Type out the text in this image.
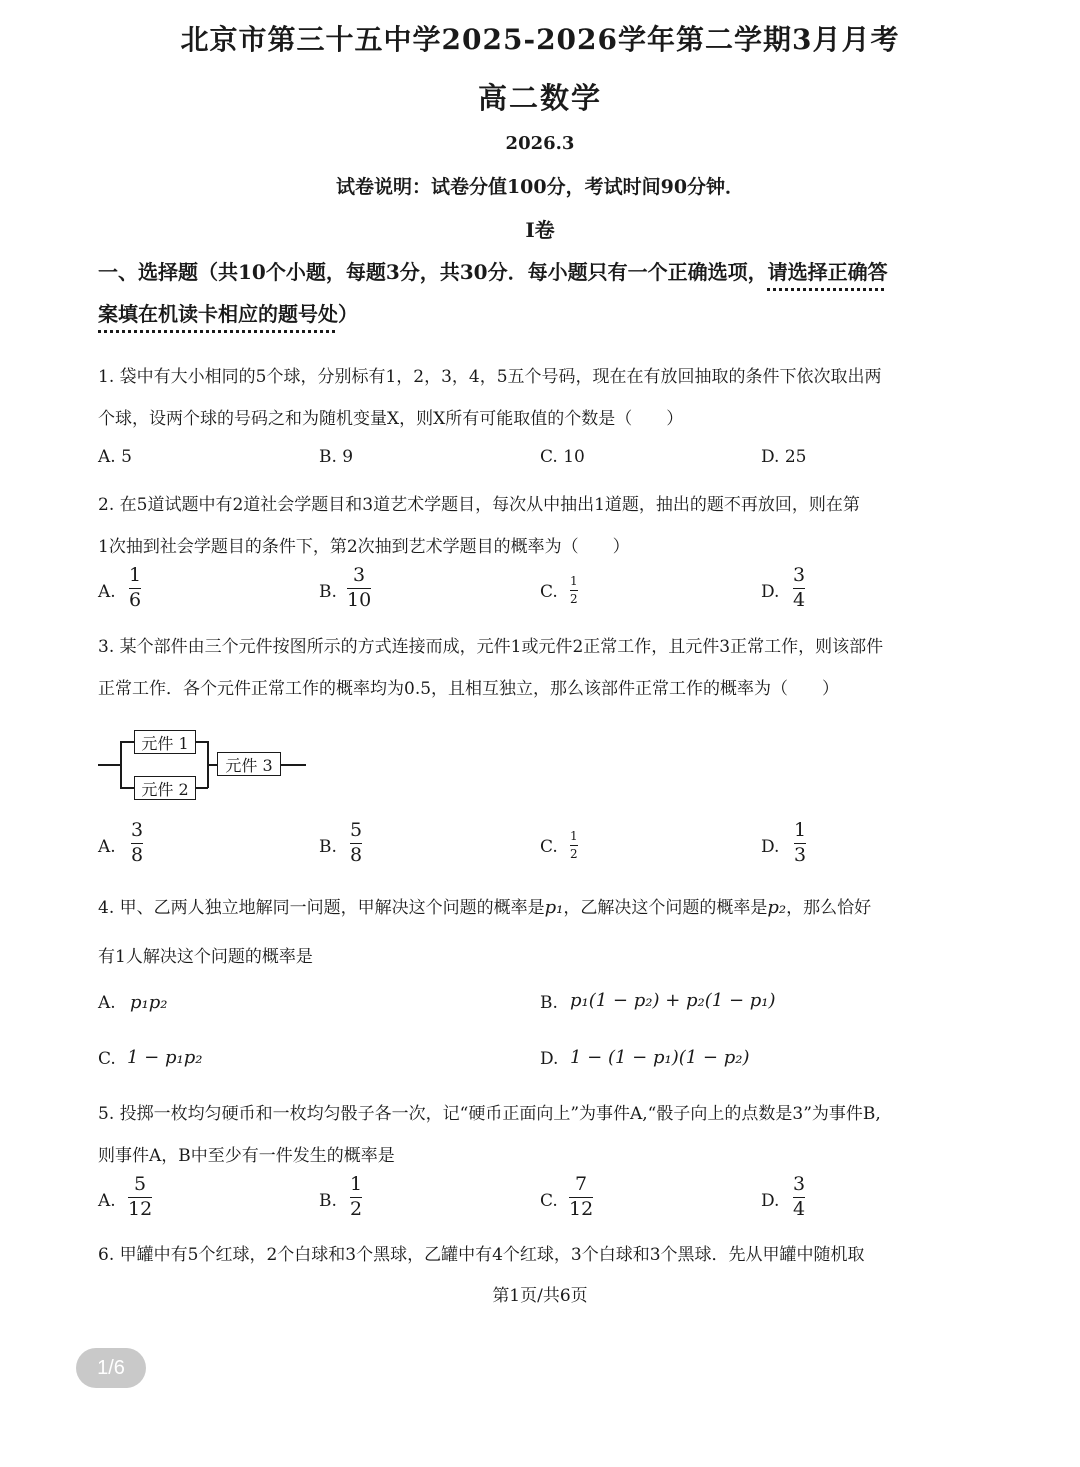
北京市第三十五中学2025-2026学年第二学期3月月考
高二数学
2026.3
试卷说明：试卷分值100分，考试时间90分钟．
I卷
一、选择题（共10个小题，每题3分，共30分．每小题只有一个正确选项，请选择正确答
案填在机读卡相应的题号处）
1. 袋中有大小相同的5个球，分别标有1，2，3，4，5五个号码，现在在有放回抽取的条件下依次取出两
个球，设两个球的号码之和为随机变量X，则X所有可能取值的个数是（　　）
A. 5	B. 9	C. 10	D. 25
2. 在5道试题中有2道社会学题目和3道艺术学题目，每次从中抽出1道题，抽出的题不再放回，则在第
1次抽到社会学题目的条件下，第2次抽到艺术学题目的概率为（　　）
A.
1
6	B.
3
10	C.
1
2	D.
3
4
3. 某个部件由三个元件按图所示的方式连接而成，元件1或元件2正常工作，且元件3正常工作，则该部件
正常工作．各个元件正常工作的概率均为0.5，且相互独立，那么该部件正常工作的概率为（　　）
元件 1
元件 2
元件 3
A.
3
8	B.
5
8	C.
1
2	D.
1
3
4. 甲、乙两人独立地解同一问题，甲解决这个问题的概率是p₁，乙解决这个问题的概率是p₂，那么恰好
有1人解决这个问题的概率是
A. p₁p₂	B. p₁(1 − p₂) + p₂(1 − p₁)
C. 1 − p₁p₂	D. 1 − (1 − p₁)(1 − p₂)
5. 投掷一枚均匀硬币和一枚均匀骰子各一次，记“硬币正面向上”为事件A,“骰子向上的点数是3”为事件B,
则事件A，B中至少有一件发生的概率是
A.
5
12	B.
1
2	C.
7
12	D.
3
4
6. 甲罐中有5个红球，2个白球和3个黑球，乙罐中有4个红球，3个白球和3个黑球．先从甲罐中随机取
第1页/共6页
1/6
